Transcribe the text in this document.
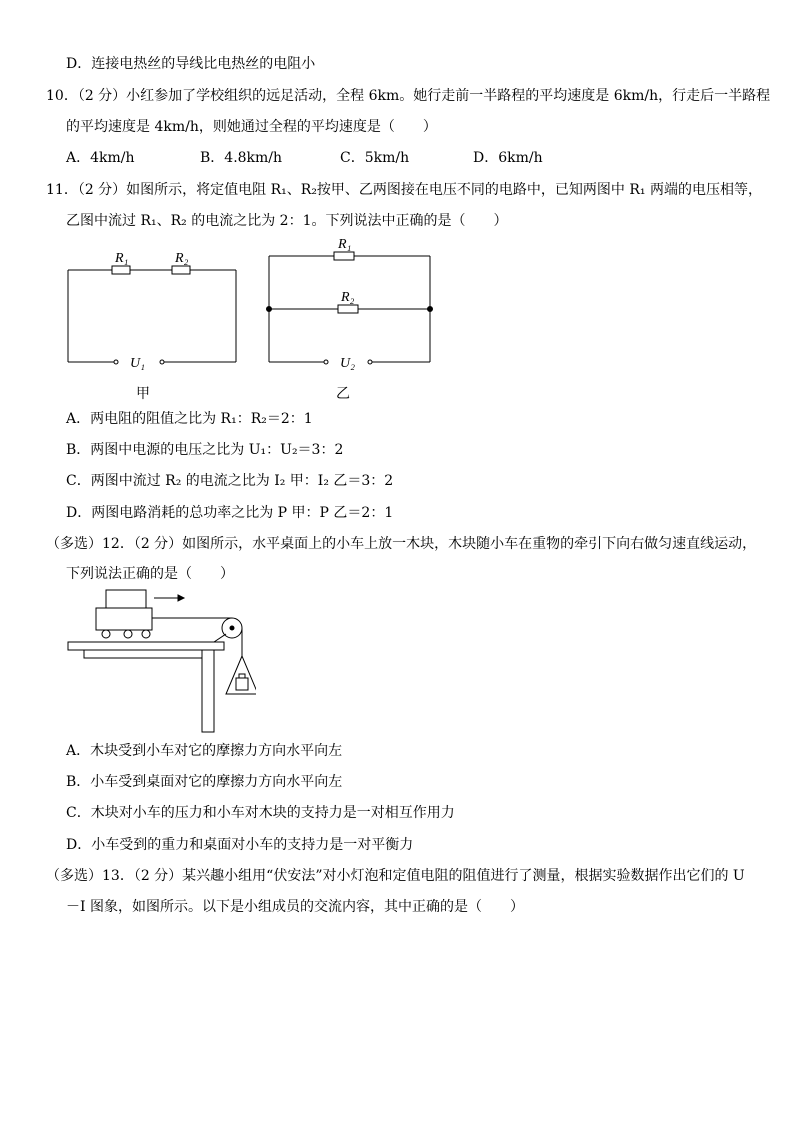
D．连接电热丝的导线比电热丝的电阻小
10．（2 分）小红参加了学校组织的远足活动，全程 6km。她行走前一半路程的平均速度是 6km/h，行走后一半路程
的平均速度是 4km/h，则她通过全程的平均速度是（　　）
A．4km/h	B．4.8km/h	C．5km/h	D．6km/h
11．（2 分）如图所示，将定值电阻 R₁、R₂按甲、乙两图接在电压不同的电路中，已知两图中 R₁ 两端的电压相等，
乙图中流过 R₁、R₂ 的电流之比为 2：1。下列说法中正确的是（　　）
R₁	R₂
U₁
R₁
R₂
U₂
甲	乙
A．两电阻的阻值之比为 R₁：R₂＝2：1
B．两图中电源的电压之比为 U₁：U₂＝3：2
C．两图中流过 R₂ 的电流之比为 I₂ 甲：I₂ 乙＝3：2
D．两图电路消耗的总功率之比为 P 甲：P 乙＝2：1
（多选）12．（2 分）如图所示，水平桌面上的小车上放一木块，木块随小车在重物的牵引下向右做匀速直线运动，
下列说法正确的是（　　）
A．木块受到小车对它的摩擦力方向水平向左
B．小车受到桌面对它的摩擦力方向水平向左
C．木块对小车的压力和小车对木块的支持力是一对相互作用力
D．小车受到的重力和桌面对小车的支持力是一对平衡力
（多选）13．（2 分）某兴趣小组用“伏安法”对小灯泡和定值电阻的阻值进行了测量，根据实验数据作出它们的 U
－I 图象，如图所示。以下是小组成员的交流内容，其中正确的是（　　）
